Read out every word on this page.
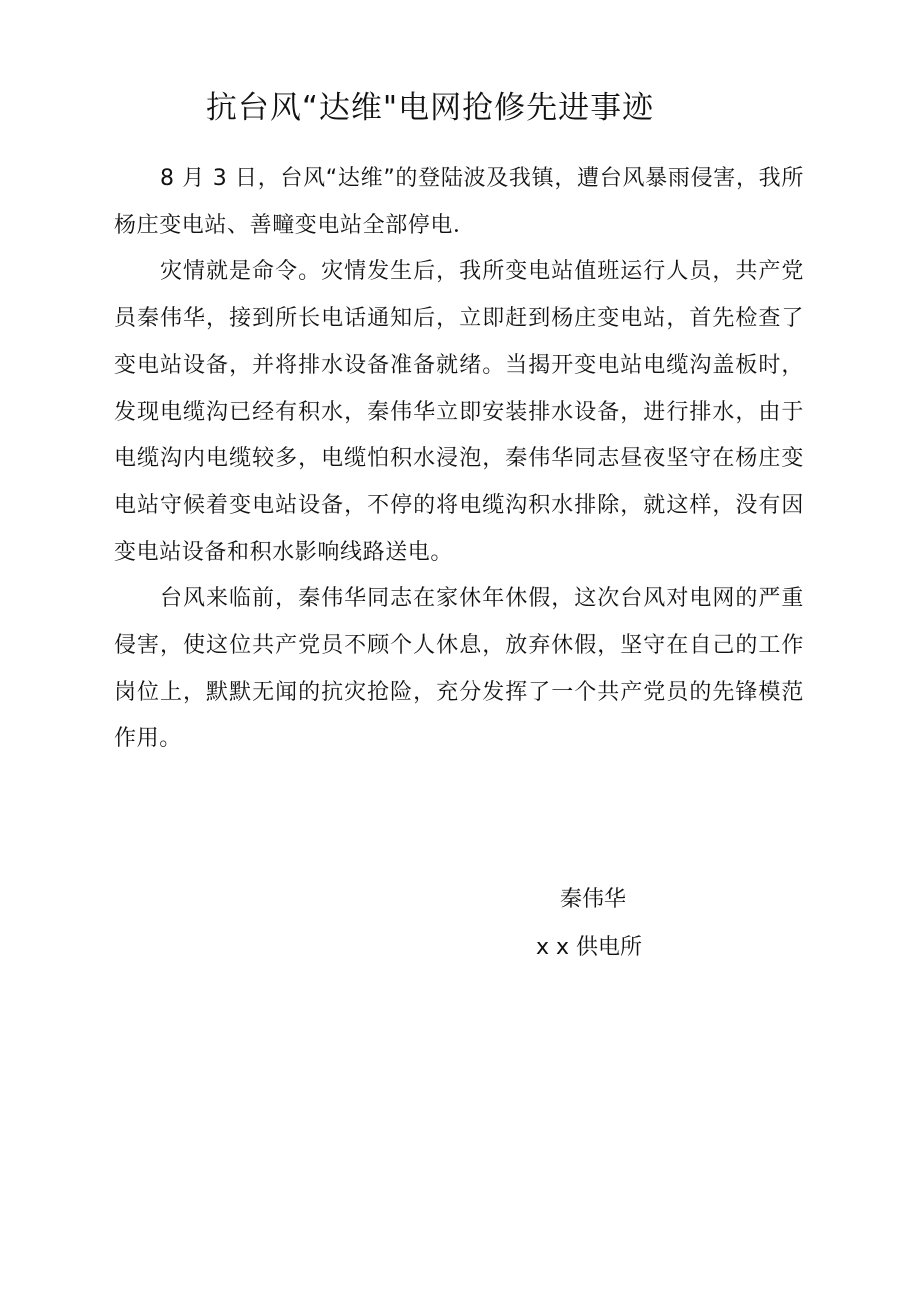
抗台风“达维"电网抢修先进事迹

8 月 3 日，台风“达维”的登陆波及我镇，遭台风暴雨侵害，我所杨庄变电站、善疃变电站全部停电．

灾情就是命令。灾情发生后，我所变电站值班运行人员，共产党员秦伟华，接到所长电话通知后，立即赶到杨庄变电站，首先检查了变电站设备，并将排水设备准备就绪。当揭开变电站电缆沟盖板时，发现电缆沟已经有积水，秦伟华立即安装排水设备，进行排水，由于电缆沟内电缆较多，电缆怕积水浸泡，秦伟华同志昼夜坚守在杨庄变电站守候着变电站设备，不停的将电缆沟积水排除，就这样，没有因变电站设备和积水影响线路送电。

台风来临前，秦伟华同志在家休年休假，这次台风对电网的严重侵害，使这位共产党员不顾个人休息，放弃休假，坚守在自己的工作岗位上，默默无闻的抗灾抢险，充分发挥了一个共产党员的先锋模范作用。

秦伟华
x x 供电所
